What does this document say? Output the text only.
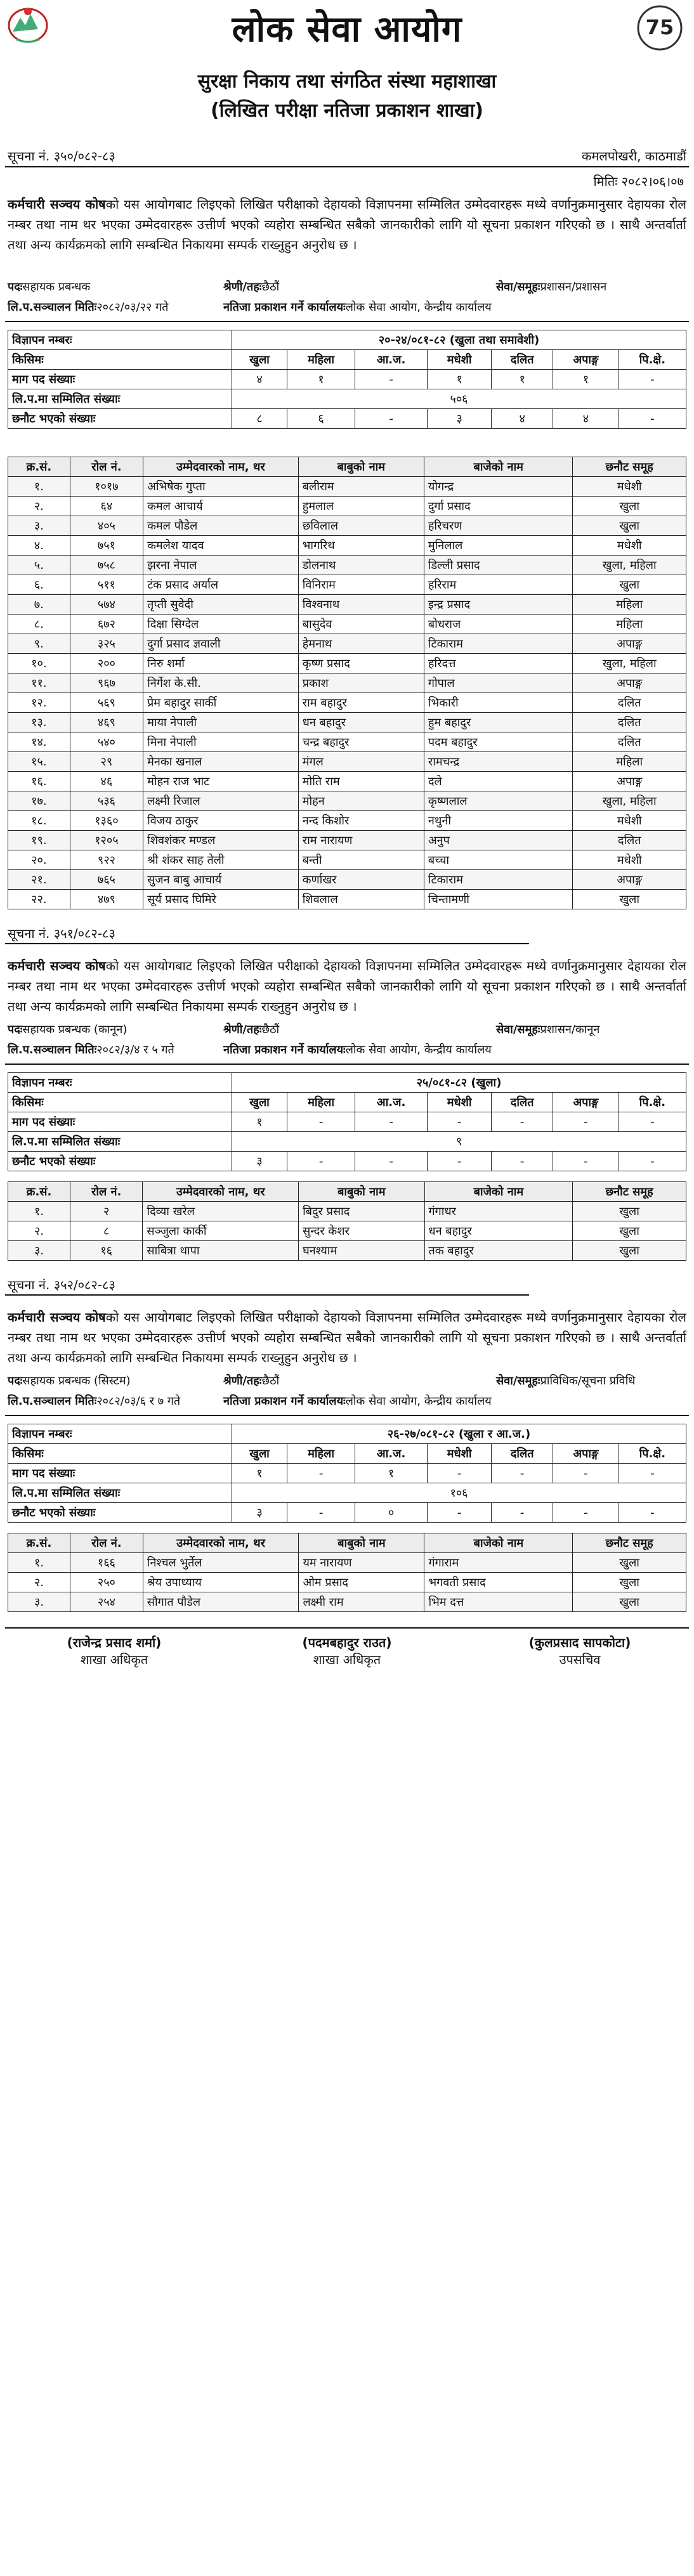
लोक सेवा आयोग	75
सुरक्षा निकाय तथा संगठित संस्था महाशाखा
(लिखित परीक्षा नतिजा प्रकाशन शाखा)
सूचना नं. ३५०/०८२-८३	कमलपोखरी, काठमाडौं
मितिः २०८२।०६।०७
कर्मचारी सञ्चय कोषको यस आयोगबाट लिइएको लिखित परीक्षाको देहायको विज्ञापनमा सम्मिलित उम्मेदवारहरू मध्ये वर्णानुक्रमानुसार देहायका रोल नम्बर तथा नाम थर भएका उम्मेदवारहरू उत्तीर्ण भएको व्यहोरा सम्बन्धित सबैको जानकारीको लागि यो सूचना प्रकाशन गरिएको छ । साथै अन्तर्वार्ता तथा अन्य कार्यक्रमको लागि सम्बन्धित निकायमा सम्पर्क राख्नुहुन अनुरोध छ ।
पदः सहायक प्रबन्धक	श्रेणी/तहः छैठौं	सेवा/समूहः प्रशासन/प्रशासन
लि.प.सञ्चालन मितिः २०८२/०३/२२ गते	नतिजा प्रकाशन गर्ने कार्यालयः लोक सेवा आयोग, केन्द्रीय कार्यालय
विज्ञापन नम्बरः	२०-२४/०८१-८२ (खुला तथा समावेशी)						
किसिमः	खुला	महिला	आ.ज.	मधेशी	दलित	अपाङ्ग	पि.क्षे.
माग पद संख्याः	४	१	-	१	१	१	-
लि.प.मा सम्मिलित संख्याः	५०६						
छनौट भएको संख्याः	८	६	-	३	४	४	-
क्र.सं.	रोल नं.	उम्मेदवारको नाम, थर	बाबुको नाम	बाजेको नाम	छनौट समूह
१.	१०१७	अभिषेक गुप्ता	बलीराम	योगन्द्र	मधेशी
२.	६४	कमल आचार्य	हुमलाल	दुर्गा प्रसाद	खुला
३.	४०५	कमल पौडेल	छविलाल	हरिचरण	खुला
४.	७५१	कमलेश यादव	भागरिथ	मुनिलाल	मधेशी
५.	७५८	झरना नेपाल	डोलनाथ	डिल्ली प्रसाद	खुला, महिला
६.	५११	टंक प्रसाद अर्याल	विनिराम	हरिराम	खुला
७.	५७४	तृप्ती सुवेदी	विश्वनाथ	इन्द्र प्रसाद	महिला
८.	६७२	दिक्षा सिग्देल	बासुदेव	बोधराज	महिला
९.	३२५	दुर्गा प्रसाद ज्ञवाली	हेमनाथ	टिकाराम	अपाङ्ग
१०.	२००	निरु शर्मा	कृष्ण प्रसाद	हरिदत्त	खुला, महिला
११.	९६७	निर्गेश के.सी.	प्रकाश	गोपाल	अपाङ्ग
१२.	५६९	प्रेम बहादुर सार्की	राम बहादुर	भिकारी	दलित
१३.	४६९	माया नेपाली	धन बहादुर	हुम बहादुर	दलित
१४.	५४०	मिना नेपाली	चन्द्र बहादुर	पदम बहादुर	दलित
१५.	२९	मेनका खनाल	मंगल	रामचन्द्र	महिला
१६.	४६	मोहन राज भाट	मोति राम	दले	अपाङ्ग
१७.	५३६	लक्ष्मी रिजाल	मोहन	कृष्णलाल	खुला, महिला
१८.	१३६०	विजय ठाकुर	नन्द किशोर	नथुनी	मधेशी
१९.	१२०५	शिवशंकर मण्डल	राम नारायण	अनुप	दलित
२०.	९२२	श्री शंकर साह तेली	बन्ती	बच्चा	मधेशी
२१.	७६५	सुजन बाबु आचार्य	कर्णाखर	टिकाराम	अपाङ्ग
२२.	४७९	सूर्य प्रसाद घिमिरे	शिवलाल	चिन्तामणी	खुला
सूचना नं. ३५१/०८२-८३
कर्मचारी सञ्चय कोषको यस आयोगबाट लिइएको लिखित परीक्षाको देहायको विज्ञापनमा सम्मिलित उम्मेदवारहरू मध्ये वर्णानुक्रमानुसार देहायका रोल नम्बर तथा नाम थर भएका उम्मेदवारहरू उत्तीर्ण भएको व्यहोरा सम्बन्धित सबैको जानकारीको लागि यो सूचना प्रकाशन गरिएको छ । साथै अन्तर्वार्ता तथा अन्य कार्यक्रमको लागि सम्बन्धित निकायमा सम्पर्क राख्नुहुन अनुरोध छ ।
पदः सहायक प्रबन्धक (कानून)	श्रेणी/तहः छैठौं	सेवा/समूहः प्रशासन/कानून
लि.प.सञ्चालन मितिः २०८२/३/४ र ५ गते	नतिजा प्रकाशन गर्ने कार्यालयः लोक सेवा आयोग, केन्द्रीय कार्यालय
विज्ञापन नम्बरः	२५/०८१-८२ (खुला)						
किसिमः	खुला	महिला	आ.ज.	मधेशी	दलित	अपाङ्ग	पि.क्षे.
माग पद संख्याः	१	-	-	-	-	-	-
लि.प.मा सम्मिलित संख्याः	९						
छनौट भएको संख्याः	३	-	-	-	-	-	-
क्र.सं.	रोल नं.	उम्मेदवारको नाम, थर	बाबुको नाम	बाजेको नाम	छनौट समूह
१.	२	दिव्या खरेल	बिदुर प्रसाद	गंगाधर	खुला
२.	८	सञ्जुला कार्की	सुन्दर केशर	धन बहादुर	खुला
३.	१६	साबित्रा थापा	घनश्याम	तक बहादुर	खुला
सूचना नं. ३५२/०८२-८३
कर्मचारी सञ्चय कोषको यस आयोगबाट लिइएको लिखित परीक्षाको देहायको विज्ञापनमा सम्मिलित उम्मेदवारहरू मध्ये वर्णानुक्रमानुसार देहायका रोल नम्बर तथा नाम थर भएका उम्मेदवारहरू उत्तीर्ण भएको व्यहोरा सम्बन्धित सबैको जानकारीको लागि यो सूचना प्रकाशन गरिएको छ । साथै अन्तर्वार्ता तथा अन्य कार्यक्रमको लागि सम्बन्धित निकायमा सम्पर्क राख्नुहुन अनुरोध छ ।
पदः सहायक प्रबन्धक (सिस्टम)	श्रेणी/तहः छैठौं	सेवा/समूहः प्राविधिक/सूचना प्रविधि
लि.प.सञ्चालन मितिः २०८२/०३/६ र ७ गते	नतिजा प्रकाशन गर्ने कार्यालयः लोक सेवा आयोग, केन्द्रीय कार्यालय
विज्ञापन नम्बरः	२६-२७/०८१-८२ (खुला र आ.ज.)						
किसिमः	खुला	महिला	आ.ज.	मधेशी	दलित	अपाङ्ग	पि.क्षे.
माग पद संख्याः	१	-	१	-	-	-	-
लि.प.मा सम्मिलित संख्याः	१०६						
छनौट भएको संख्याः	३	-	०	-	-	-	-
क्र.सं.	रोल नं.	उम्मेदवारको नाम, थर	बाबुको नाम	बाजेको नाम	छनौट समूह
१.	१६६	निश्चल भुर्तेल	यम नारायण	गंगाराम	खुला
२.	२५०	श्रेय उपाध्याय	ओम प्रसाद	भगवती प्रसाद	खुला
३.	२५४	सौगात पौडेल	लक्ष्मी राम	भिम दत्त	खुला
(राजेन्द्र प्रसाद शर्मा)
शाखा अधिकृत
(पदमबहादुर राउत)
शाखा अधिकृत
(कुलप्रसाद सापकोटा)
उपसचिव
